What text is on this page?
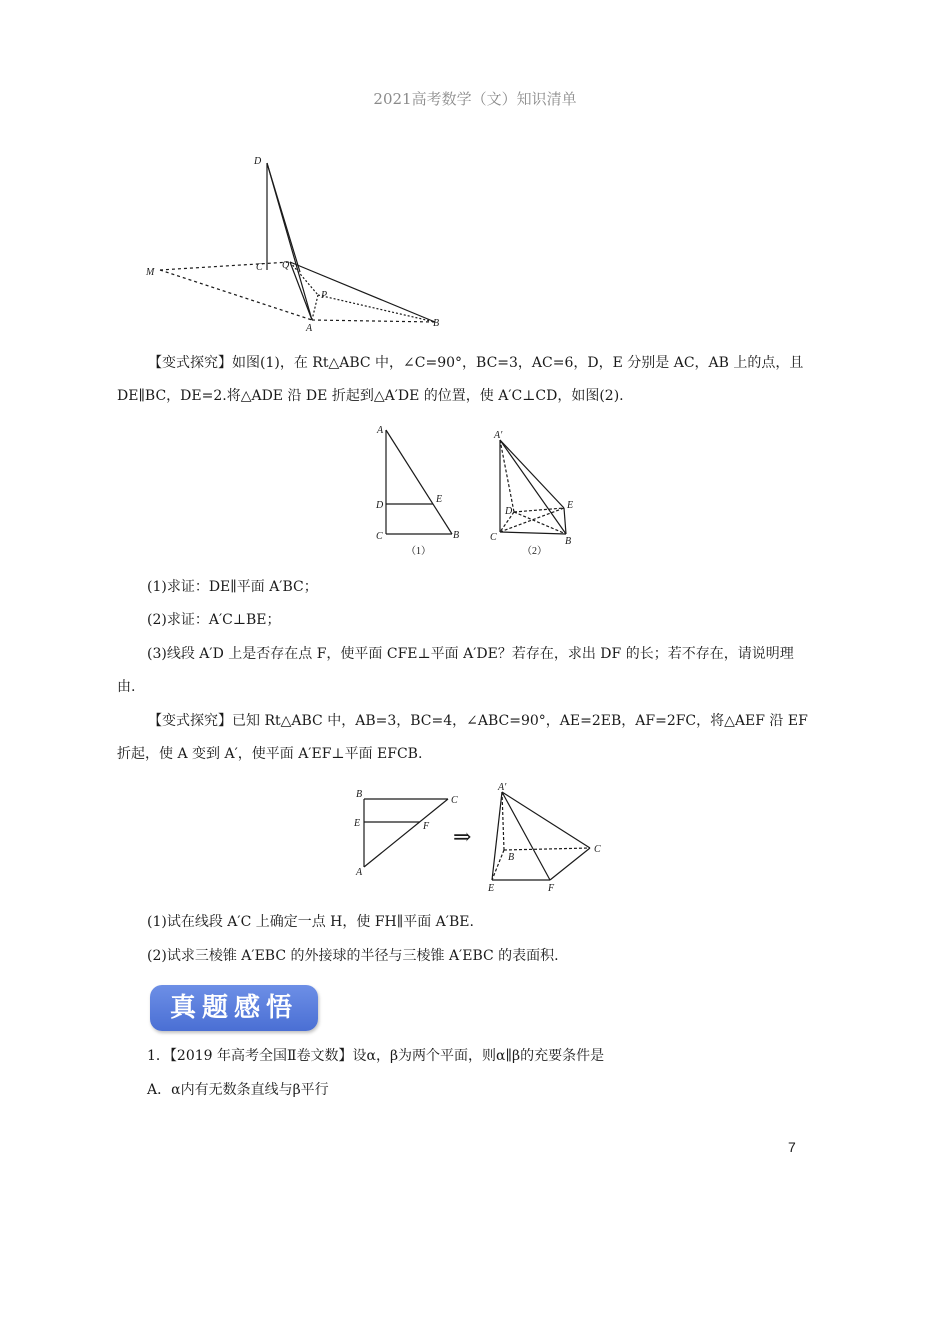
2021高考数学（文）知识清单
D
C Q
M
P
A	B
【变式探究】如图(1)，在 Rt△ABC 中，∠C=90°，BC=3，AC=6，D，E 分别是 AC，AB 上的点，且
DE∥BC，DE=2.将△ADE 沿 DE 折起到△A′DE 的位置，使 A′C⊥CD，如图(2).
A
D
E
C	B
（1）
A′
D
E
C	B
（2）
(1)求证：DE∥平面 A′BC；
(2)求证：A′C⊥BE；
(3)线段 A′D 上是否存在点 F，使平面 CFE⊥平面 A′DE？若存在，求出 DF 的长；若不存在，请说明理
由.
【变式探究】已知 Rt△ABC 中，AB=3，BC=4，∠ABC=90°，AE=2EB，AF=2FC，将△AEF 沿 EF
折起，使 A 变到 A′，使平面 A′EF⊥平面 EFCB.
B
C
E	F
A
⇒
A′
B
C
E	F
(1)试在线段 A′C 上确定一点 H，使 FH∥平面 A′BE.
(2)试求三棱锥 A′EBC 的外接球的半径与三棱锥 A′EBC 的表面积.
真题感悟
1．【2019 年高考全国Ⅱ卷文数】设α，β为两个平面，则α∥β的充要条件是
A．α内有无数条直线与β平行
7
